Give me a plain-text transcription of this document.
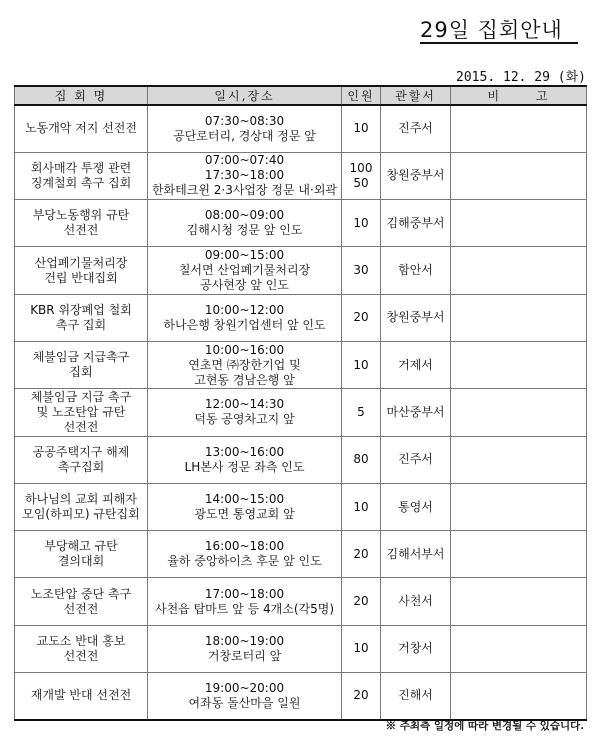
29일 집회안내
2015. 12. 29 (화)
집 회 명	일시,장소	인원	관할서	비      고

노동개악 저지 선전전	07:30~08:30
공단로터리, 경상대 정문 앞	10	진주서	

회사매각 투쟁 관련
징계철회 촉구 집회	07:00~07:40
17:30~18:00
한화테크윈 2·3사업장 정문 내·외곽	100
50	창원중부서	

부당노동행위 규탄
선전전	08:00~09:00
김해시청 정문 앞 인도	10	김해중부서	

산업폐기물처리장
건립 반대집회	09:00~15:00
칠서면 산업폐기물처리장
공사현장 앞 인도	30	함안서	

KBR 위장폐업 철회
촉구 집회	10:00~12:00
하나은행 창원기업센터 앞 인도	20	창원중부서	

체불임금 지급촉구
집회	10:00~16:00
연초면 ㈜장한기업 및
고현동 경남은행 앞	10	거제서	

체불임금 지급 촉구
및 노조탄압 규탄
선전전	12:00~14:30
덕동 공영차고지 앞	5	마산중부서	

공공주택지구 해제
촉구집회	13:00~16:00
LH본사 정문 좌측 인도	80	진주서	

하나님의 교회 피해자
모임(하피모) 규탄집회	14:00~15:00
광도면 통영교회 앞	10	통영서	

부당해고 규탄
결의대회	16:00~18:00
율하 중앙하이츠 후문 앞 인도	20	김해서부서	

노조탄압 중단 촉구
선전전	17:00~18:00
사천읍 탑마트 앞 등 4개소(각5명)	20	사천서	

교도소 반대 홍보
선전전	18:00~19:00
거창로터리 앞	10	거창서	

재개발 반대 선전전	19:00~20:00
여좌동 돌산마을 일원	20	진해서	
※ 주최측 일정에 따라 변경될 수 있습니다.
